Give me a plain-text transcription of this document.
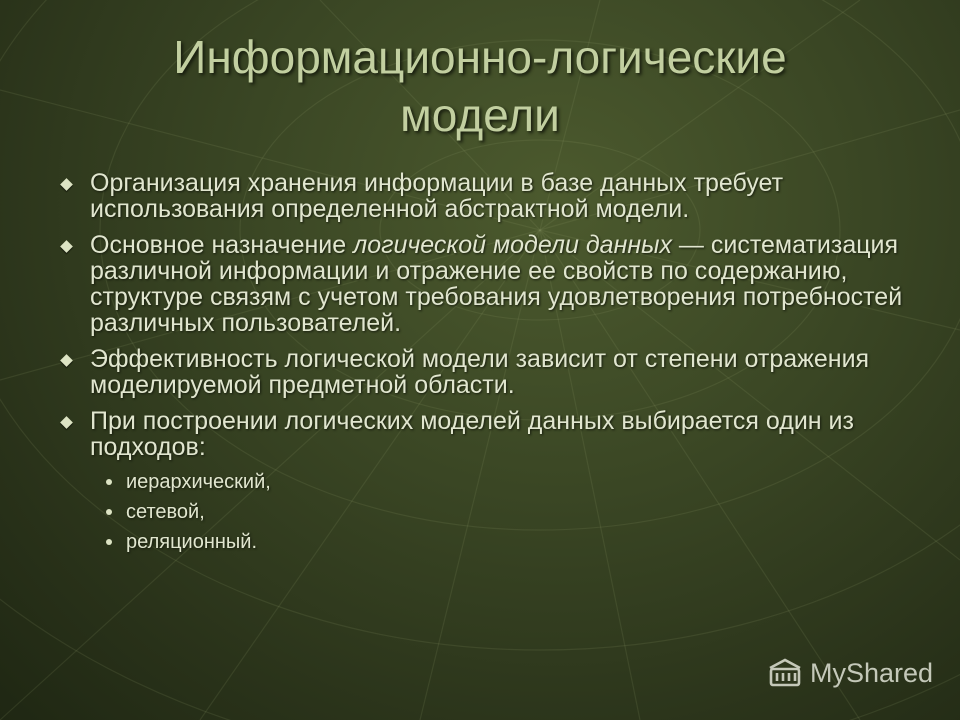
Информационно-логические
модели
Организация хранения информации в базе данных требует использования определенной абстрактной модели.
Основное назначение логической модели данных — систематизация различной информации и отражение ее свойств по содержанию, структуре связям с учетом требования удовлетворения потребностей различных пользователей.
Эффективность логической модели зависит от степени отражения моделируемой предметной области.
При построении логических моделей данных выбирается один из подходов:
иерархический,
сетевой,
реляционный.
MyShared
